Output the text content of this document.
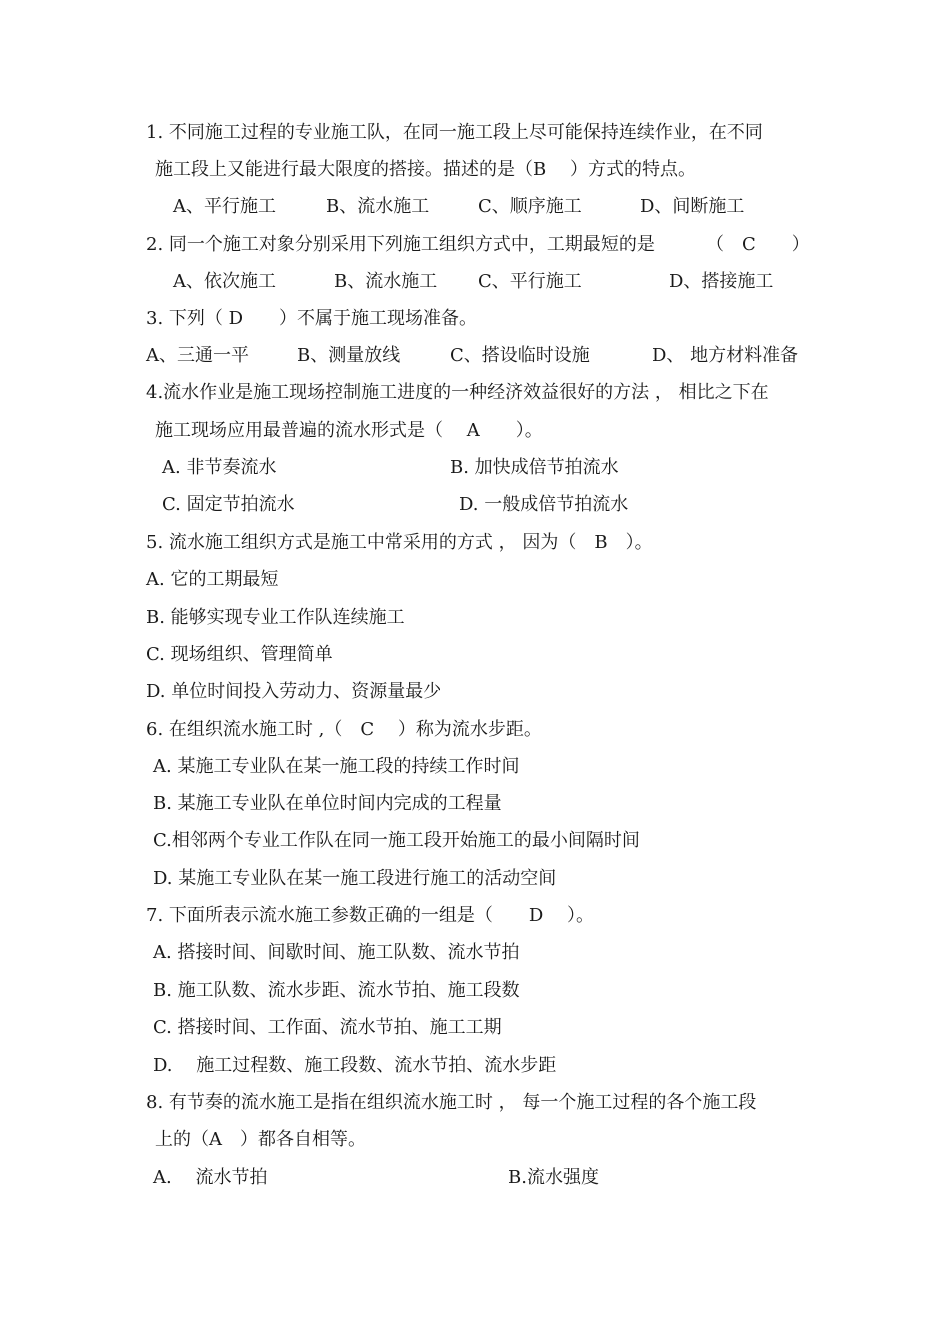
1. 不同施工过程的专业施工队，在同一施工段上尽可能保持连续作业，在不同
施工段上又能进行最大限度的搭接。描述的是（B　 ）方式的特点。
A、平行施工	B、流水施工	C、顺序施工	D、间断施工
2. 同一个施工对象分别采用下列施工组织方式中，工期最短的是	（　C　　）
A、依次施工	B、流水施工 C、平行施工	D、搭接施工
3. 下列（ D　　）不属于施工现场准备。
A、三通一平	B、测量放线	C、搭设临时设施	D、 地方材料准备
4.流水作业是施工现场控制施工进度的一种经济效益很好的方法 ， 相比之下在
施工现场应用最普遍的流水形式是（　 A　　）。
A. 非节奏流水	B. 加快成倍节拍流水
C. 固定节拍流水	D. 一般成倍节拍流水
5. 流水施工组织方式是施工中常采用的方式 ， 因为（　B　）。
A. 它的工期最短
B. 能够实现专业工作队连续施工
C. 现场组织、管理简单
D. 单位时间投入劳动力、资源量最少
6. 在组织流水施工时 ,（　C　 ）称为流水步距。
A. 某施工专业队在某一施工段的持续工作时间
B. 某施工专业队在单位时间内完成的工程量
C.相邻两个专业工作队在同一施工段开始施工的最小间隔时间
D. 某施工专业队在某一施工段进行施工的活动空间
7. 下面所表示流水施工参数正确的一组是（　　D　 ）。
A. 搭接时间、间歇时间、施工队数、流水节拍
B. 施工队数、流水步距、流水节拍、施工段数
C. 搭接时间、工作面、流水节拍、施工工期
D.　 施工过程数、施工段数、流水节拍、流水步距
8. 有节奏的流水施工是指在组织流水施工时 ， 每一个施工过程的各个施工段
上的（A　）都各自相等。
A.　 流水节拍	B.流水强度
